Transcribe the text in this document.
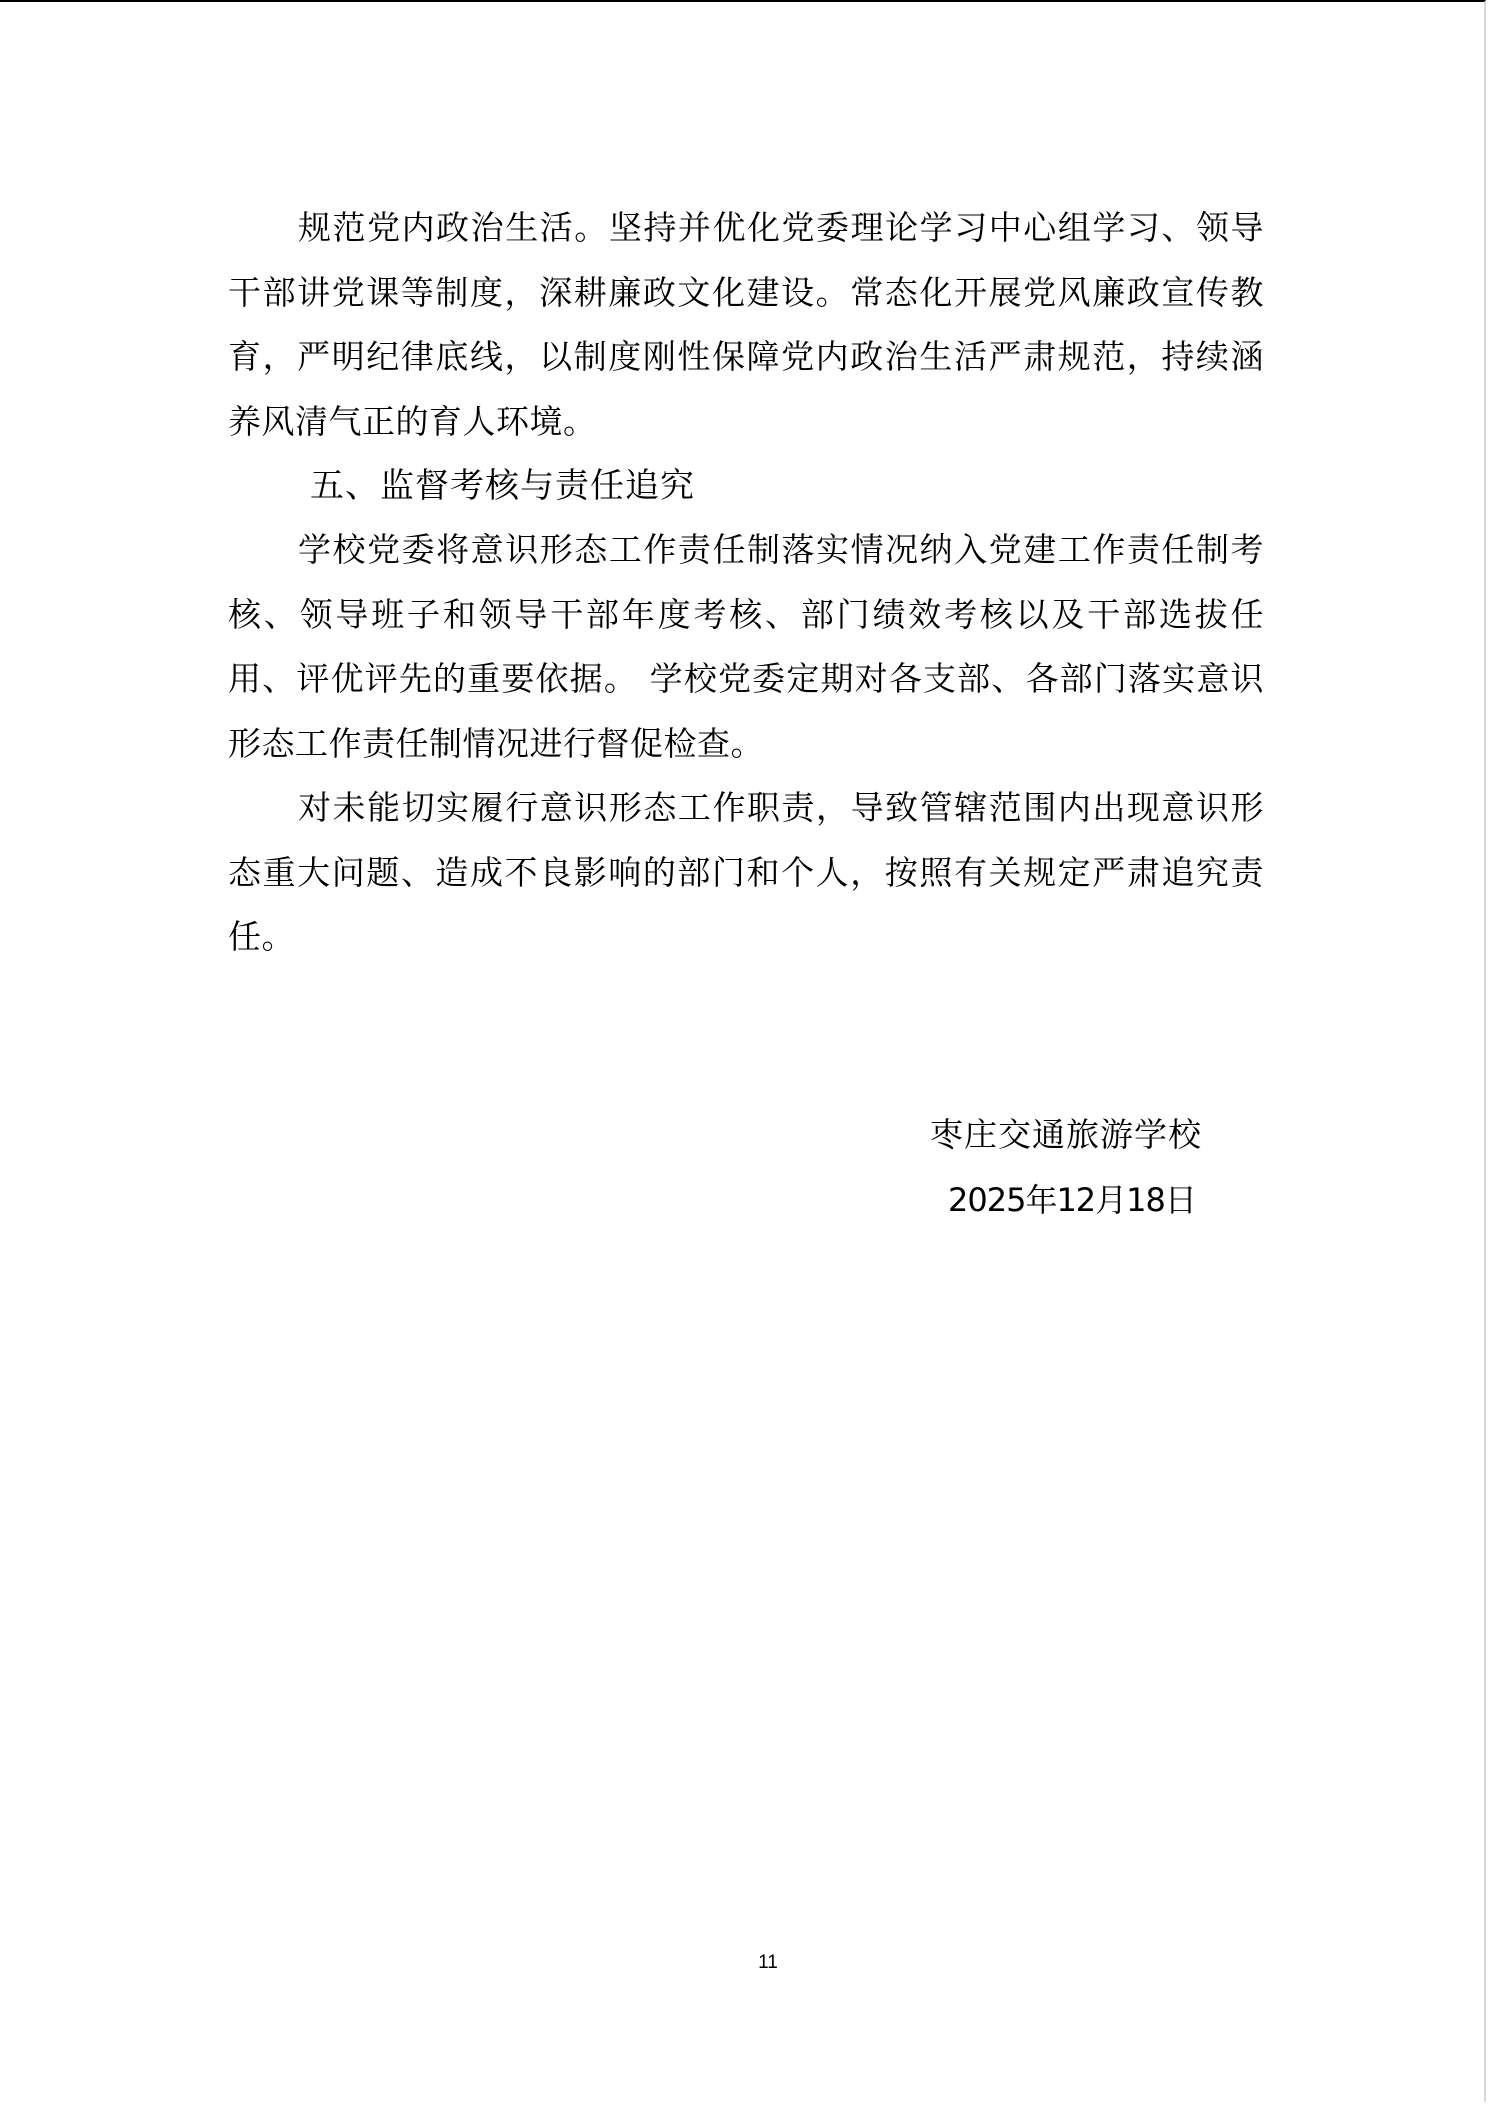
规范党内政治生活。坚持并优化党委理论学习中心组学习、领导干部讲党课等制度，深耕廉政文化建设。常态化开展党风廉政宣传教育，严明纪律底线，以制度刚性保障党内政治生活严肃规范，持续涵养风清气正的育人环境。

五、监督考核与责任追究

学校党委将意识形态工作责任制落实情况纳入党建工作责任制考核、领导班子和领导干部年度考核、部门绩效考核以及干部选拔任用、评优评先的重要依据。 学校党委定期对各支部、各部门落实意识形态工作责任制情况进行督促检查。

对未能切实履行意识形态工作职责，导致管辖范围内出现意识形态重大问题、造成不良影响的部门和个人，按照有关规定严肃追究责任。

枣庄交通旅游学校
2025年12月18日
11
